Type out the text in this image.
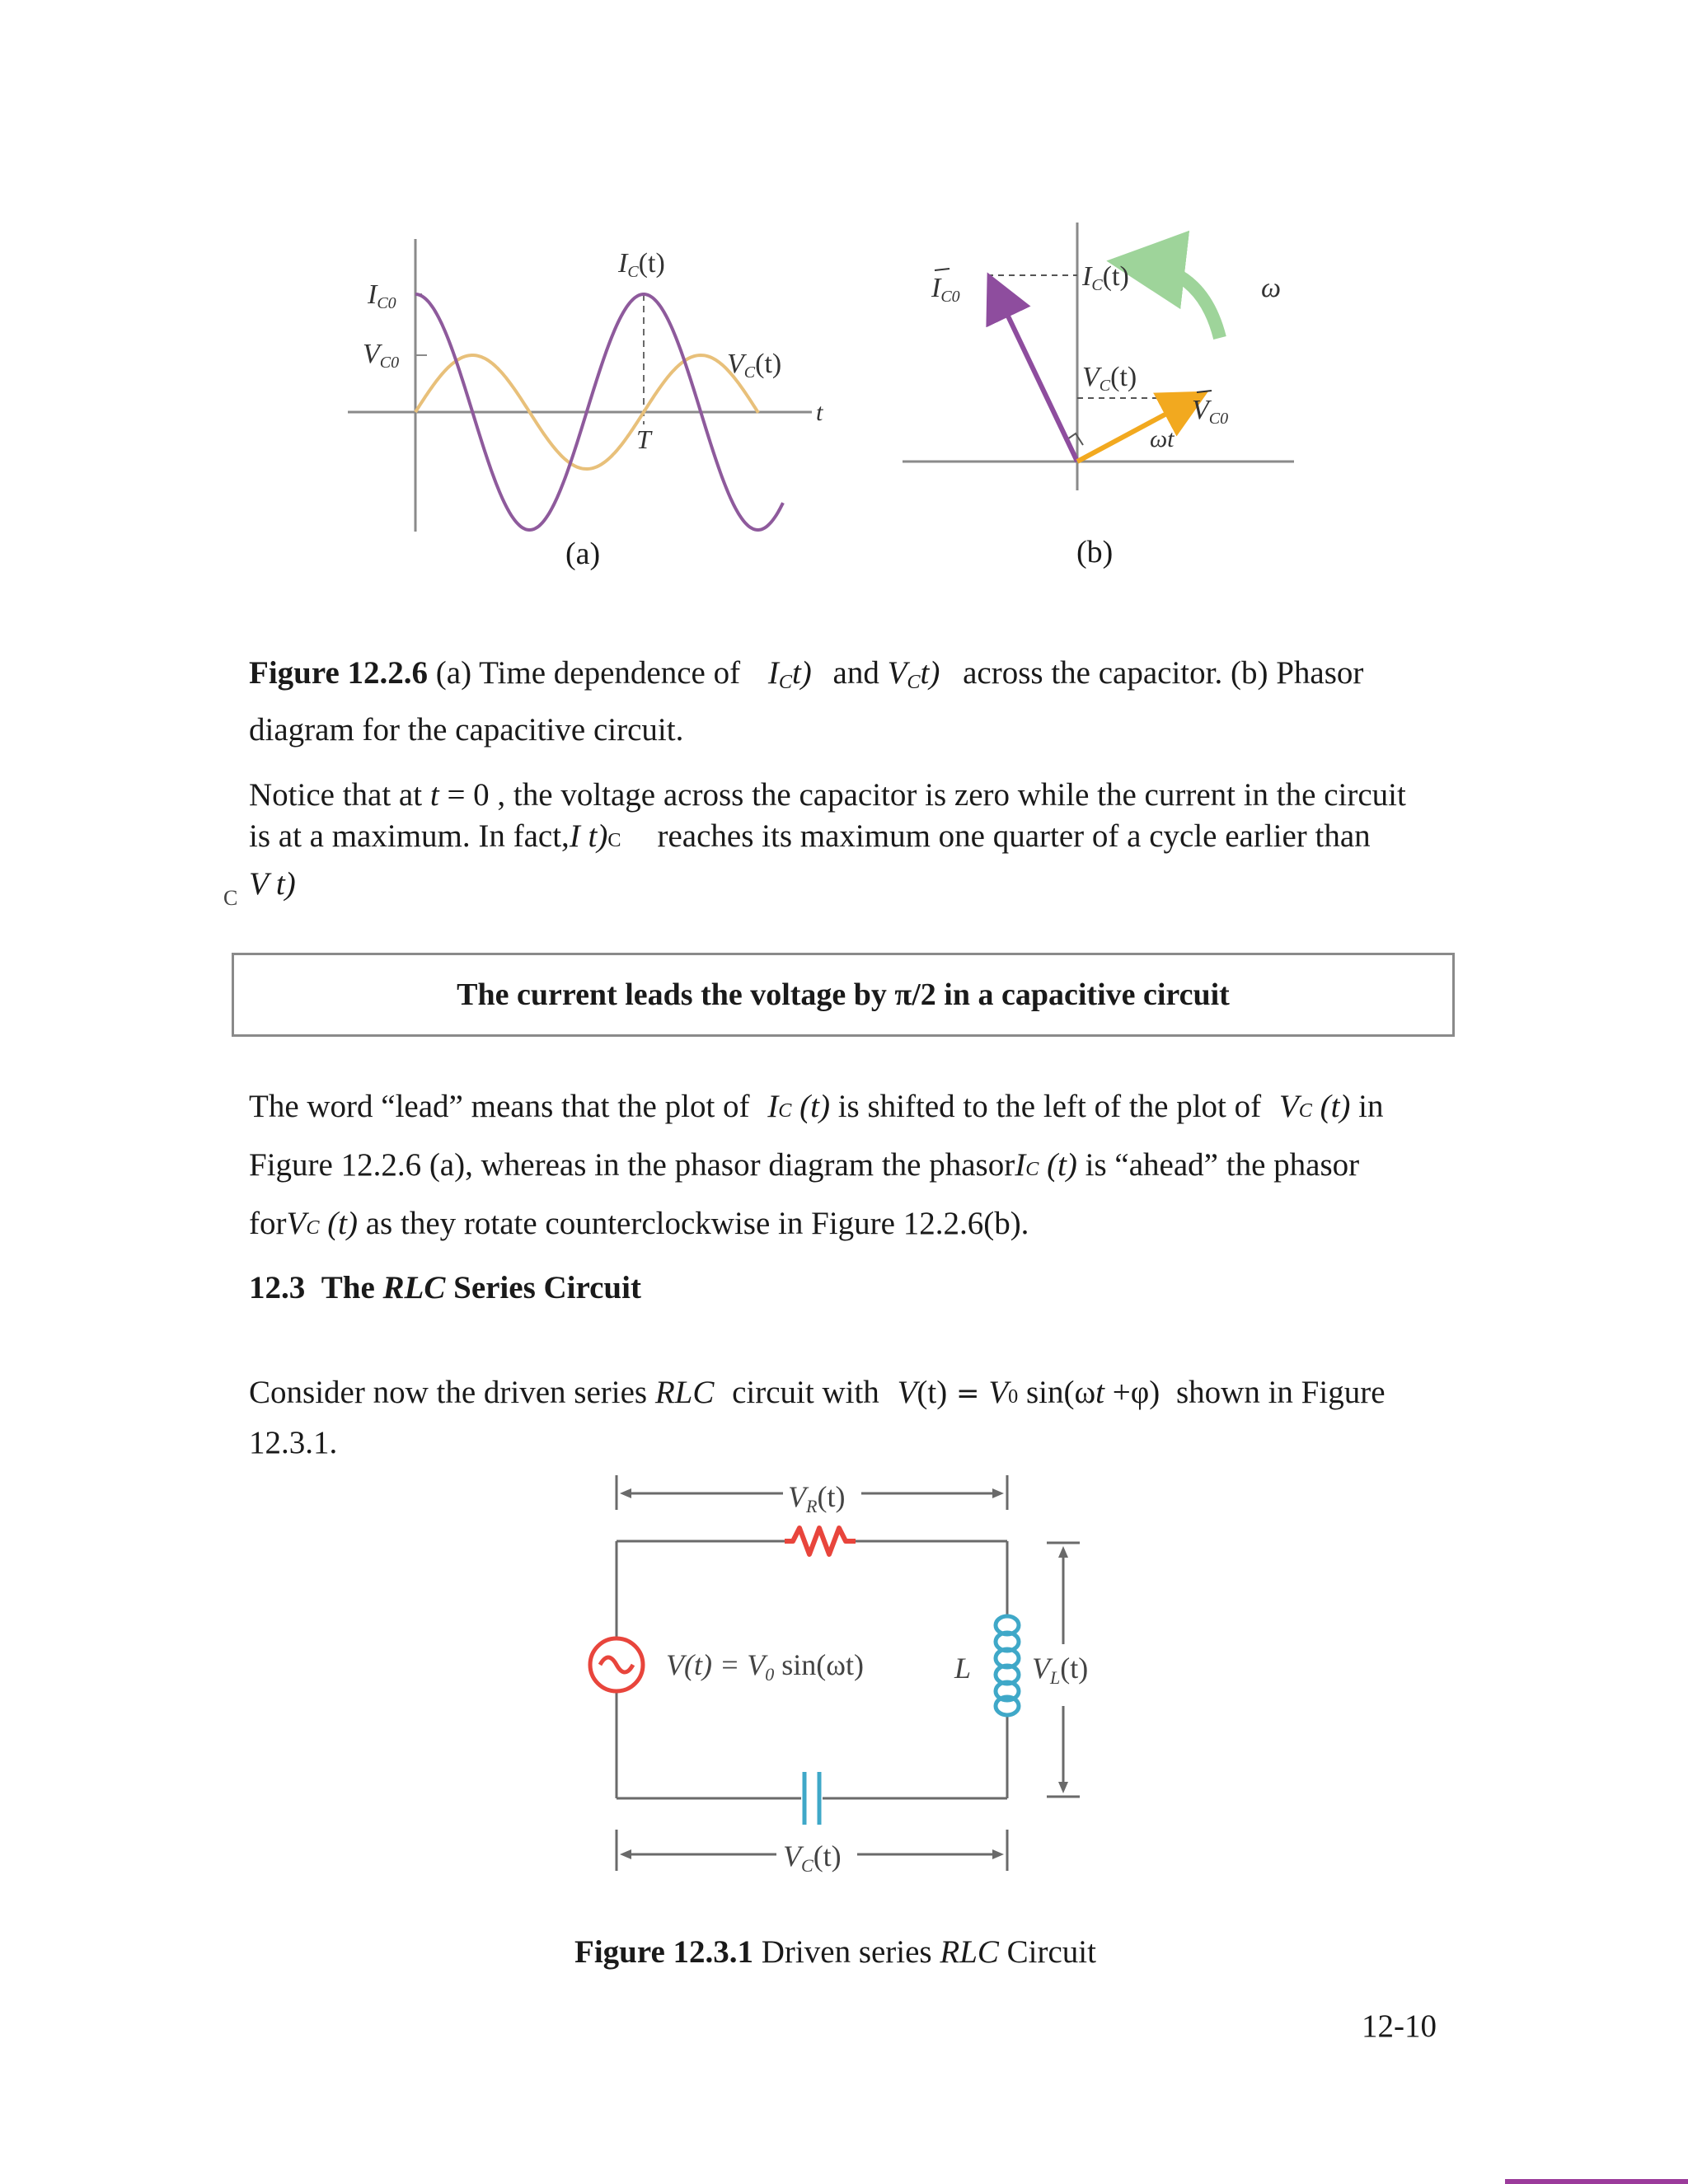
IC0
VC0
IC(t)
VC(t)
T
t
(a)
IC0
IC(t)
VC(t)
VC0
ωt
ω
(b)
Figure 12.2.6 (a) Time dependence of $I_Ct$) and $V_Ct$) across the capacitor. (b) Phasor
diagram for the capacitive circuit.
Notice that at t = 0 , the voltage across the capacitor is zero while the current in the circuit
is at a maximum. In fact,I t)C reaches its maximum one quarter of a cycle earlier than
C V t)
The current leads the voltage by π/2 in a capacitive circuit
The word “lead” means that the plot of IC (t) is shifted to the left of the plot of VC (t) in
Figure 12.2.6 (a), whereas in the phasor diagram the phasorIC (t) is “ahead” the phasor
forVC (t) as they rotate counterclockwise in Figure 12.2.6(b).
12.3 The RLC Series Circuit
Consider now the driven series RLC circuit with V(t) = V0 sin(ωt +φ) shown in Figure
12.3.1.
VR(t)
V(t) = V0 sin(ωt)	L VL(t)
VC(t)
Figure 12.3.1 Driven series RLC Circuit
12-10
